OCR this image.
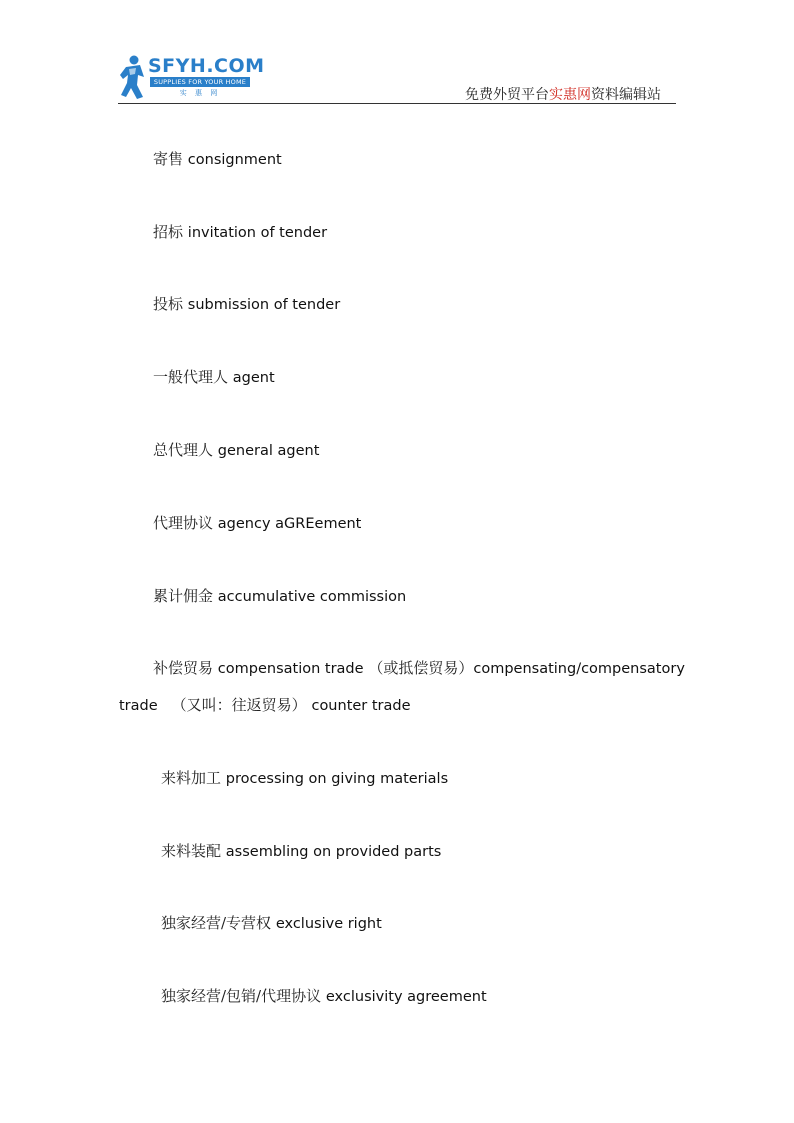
SFYH.COM
SUPPLIES FOR YOUR HOME
实 惠 网	免费外贸平台实惠网资料编辑站
寄售 consignment
招标 invitation of tender
投标 submission of tender
一般代理人 agent
总代理人 general agent
代理协议 agency aGREement
累计佣金 accumulative commission
补偿贸易 compensation trade （或抵偿贸易）compensating/compensatory
trade （又叫：往返贸易） counter trade
来料加工 processing on giving materials
来料装配 assembling on provided parts
独家经营/专营权 exclusive right
独家经营/包销/代理协议 exclusivity agreement
